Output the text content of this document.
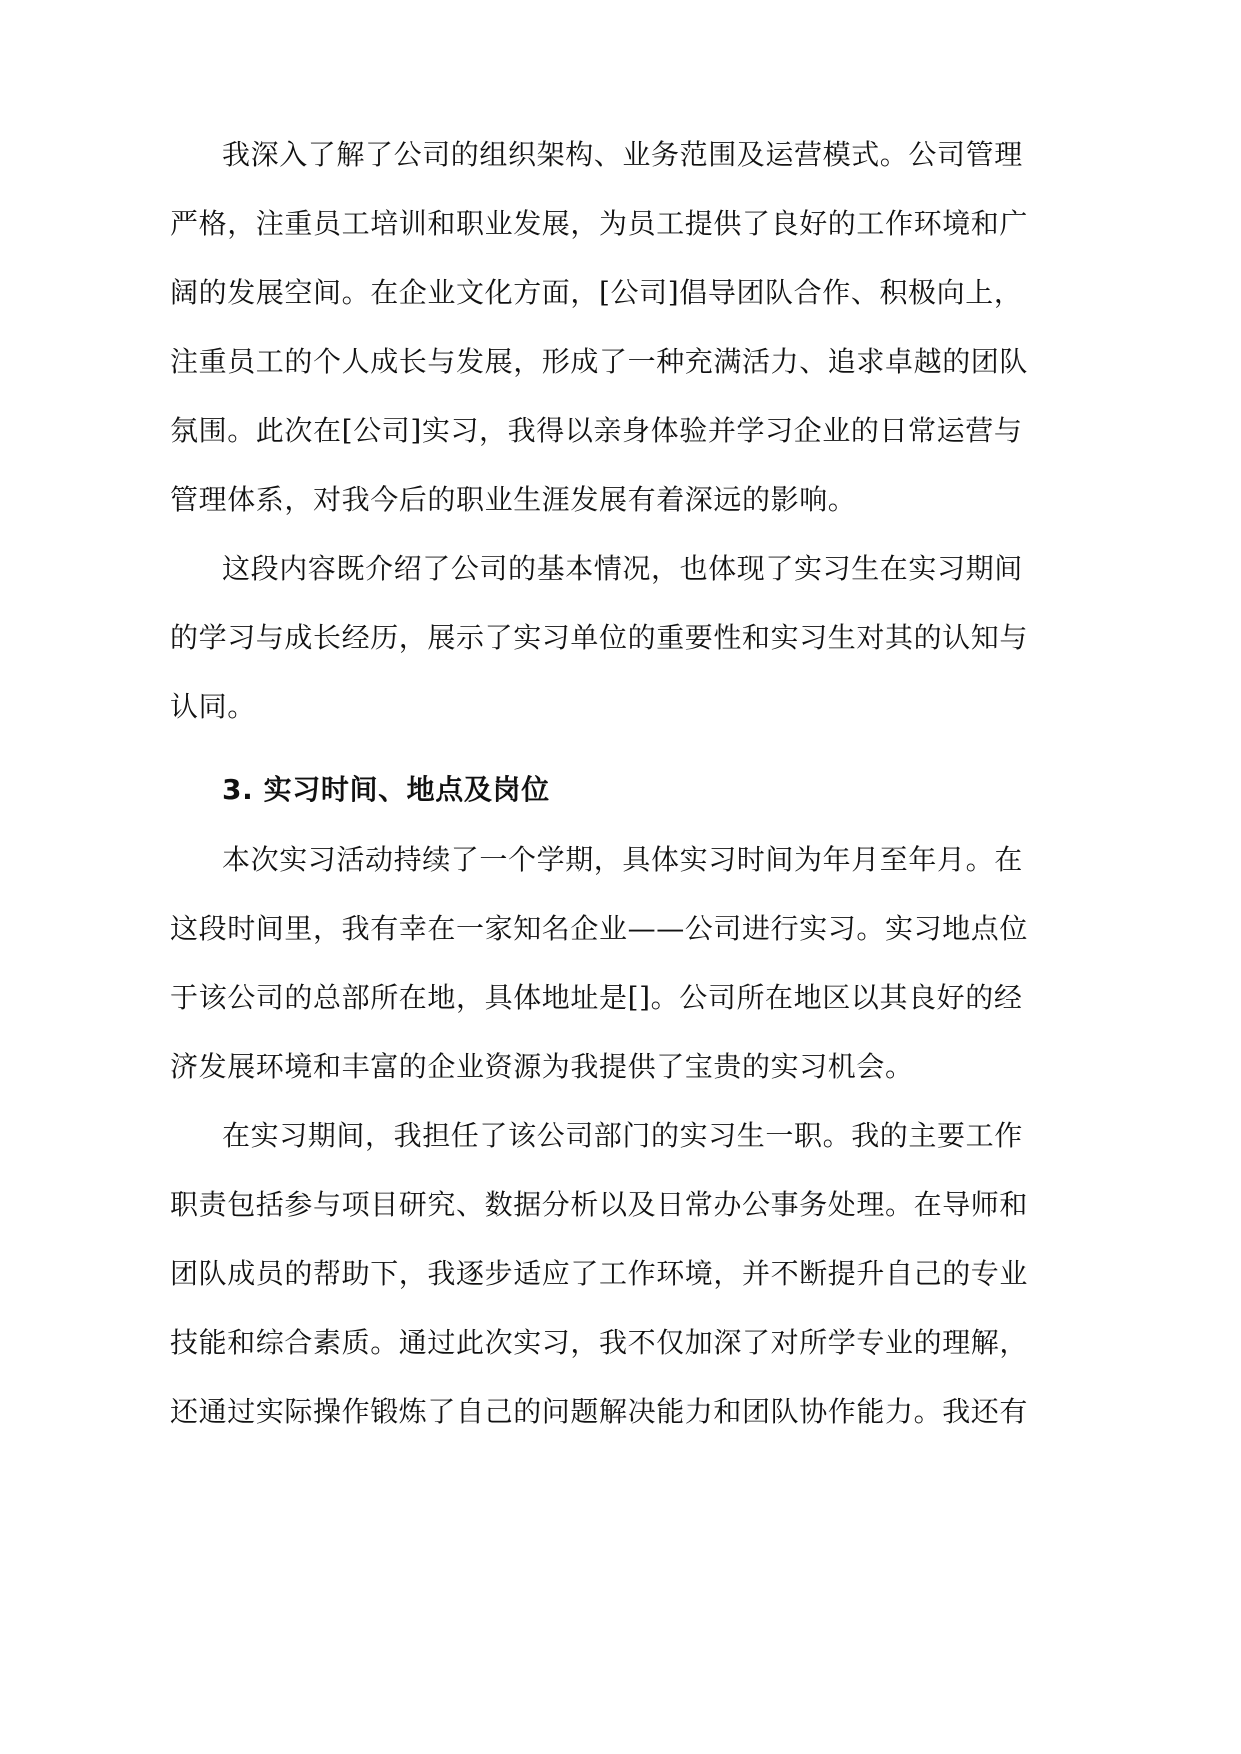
我深入了解了公司的组织架构、业务范围及运营模式。公司管理

严格，注重员工培训和职业发展，为员工提供了良好的工作环境和广

阔的发展空间。在企业文化方面，[公司]倡导团队合作、积极向上，

注重员工的个人成长与发展，形成了一种充满活力、追求卓越的团队

氛围。此次在[公司]实习，我得以亲身体验并学习企业的日常运营与

管理体系，对我今后的职业生涯发展有着深远的影响。

这段内容既介绍了公司的基本情况，也体现了实习生在实习期间

的学习与成长经历，展示了实习单位的重要性和实习生对其的认知与

认同。

3. 实习时间、地点及岗位

本次实习活动持续了一个学期，具体实习时间为年月至年月。在

这段时间里，我有幸在一家知名企业——公司进行实习。实习地点位

于该公司的总部所在地，具体地址是[]。公司所在地区以其良好的经

济发展环境和丰富的企业资源为我提供了宝贵的实习机会。

在实习期间，我担任了该公司部门的实习生一职。我的主要工作

职责包括参与项目研究、数据分析以及日常办公事务处理。在导师和

团队成员的帮助下，我逐步适应了工作环境，并不断提升自己的专业

技能和综合素质。通过此次实习，我不仅加深了对所学专业的理解，

还通过实际操作锻炼了自己的问题解决能力和团队协作能力。我还有
